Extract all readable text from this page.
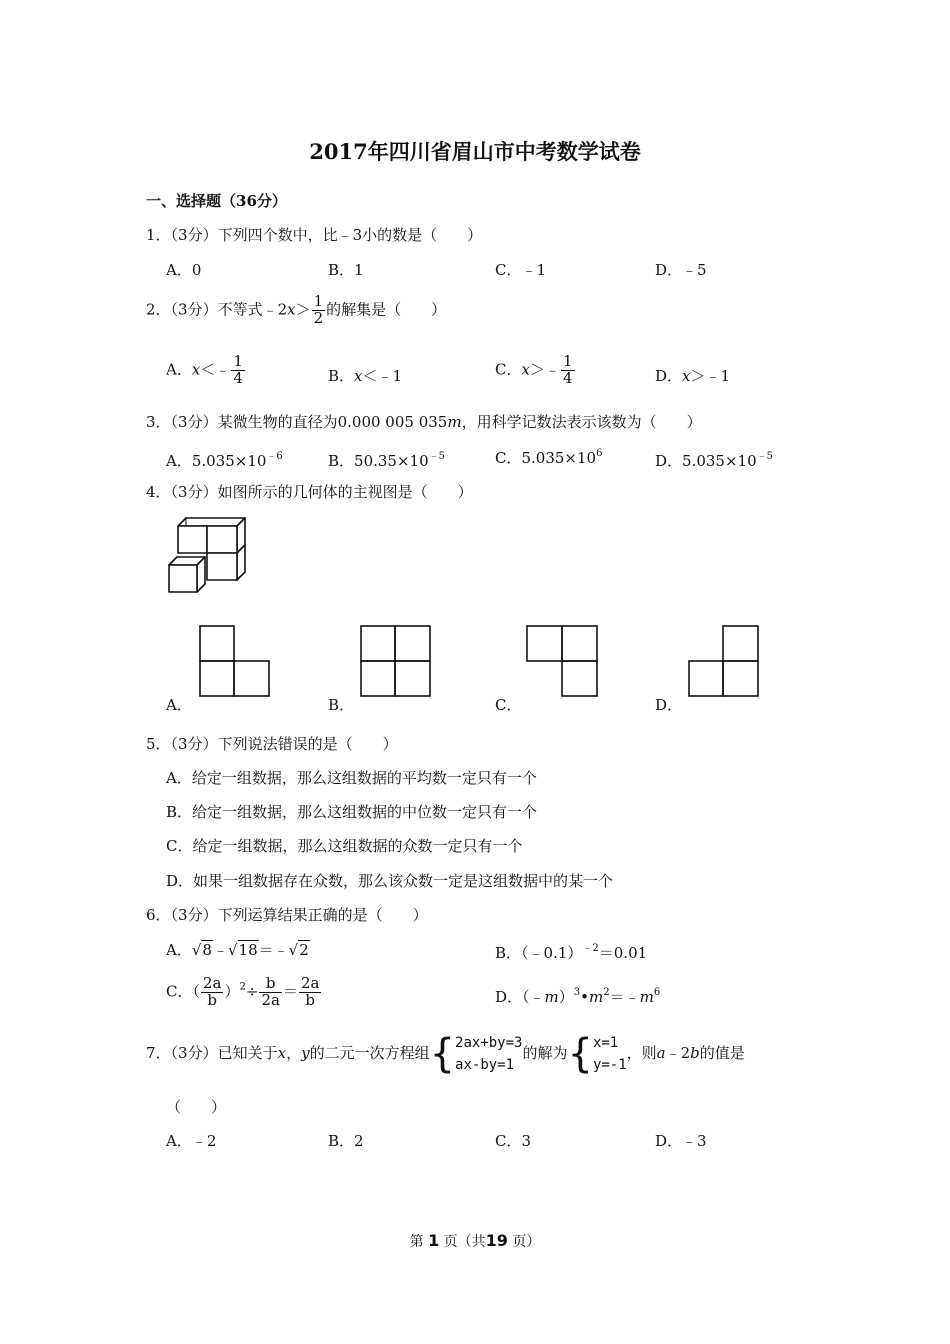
2017年四川省眉山市中考数学试卷
一、选择题（36分）
1．（3分）下列四个数中，比﹣3小的数是（　　）
A．0	B．1	C．﹣1	D．﹣5
2．（3分）不等式﹣2x＞ $\frac{1}{2}$ 的解集是（　　）
A．x＜﹣ $\frac{1}{4}$	B．x＜﹣1	C．x＞﹣ $\frac{1}{4}$	D．x＞﹣1
3．（3分）某微生物的直径为0.000 005 035m，用科学记数法表示该数为（　　）
A．$5.035\times 10^{﹣6}$	B．$50.35\times 10^{﹣5}$	C．$5.035\times 10^6$	D．$5.035\times 10^{﹣5}$
4．（3分）如图所示的几何体的主视图是（　　）
A．	B．	C．	D．
5．（3分）下列说法错误的是（　　）
A．给定一组数据，那么这组数据的平均数一定只有一个
B．给定一组数据，那么这组数据的中位数一定只有一个
C．给定一组数据，那么这组数据的众数一定只有一个
D．如果一组数据存在众数，那么该众数一定是这组数据中的某一个
6．（3分）下列运算结果正确的是（　　）
A．√8﹣√18＝﹣√2	B．（﹣0.1）$^{﹣2}$＝0.01
C．（ $\frac{2a}{b} )^2\div \frac{b}{2a} = \frac{2a}{b}$	D．$(﹣m)^3•m^2=﹣m^6$
7．（3分）已知关于x，y的二元一次方程组{ 2ax+by=3
ax-by=1
的解为{ x=1
y=-1
，则a﹣2b的值是
（　　）
A．﹣2	B．2	C．3	D．﹣3
第 1 页（共19 页）
